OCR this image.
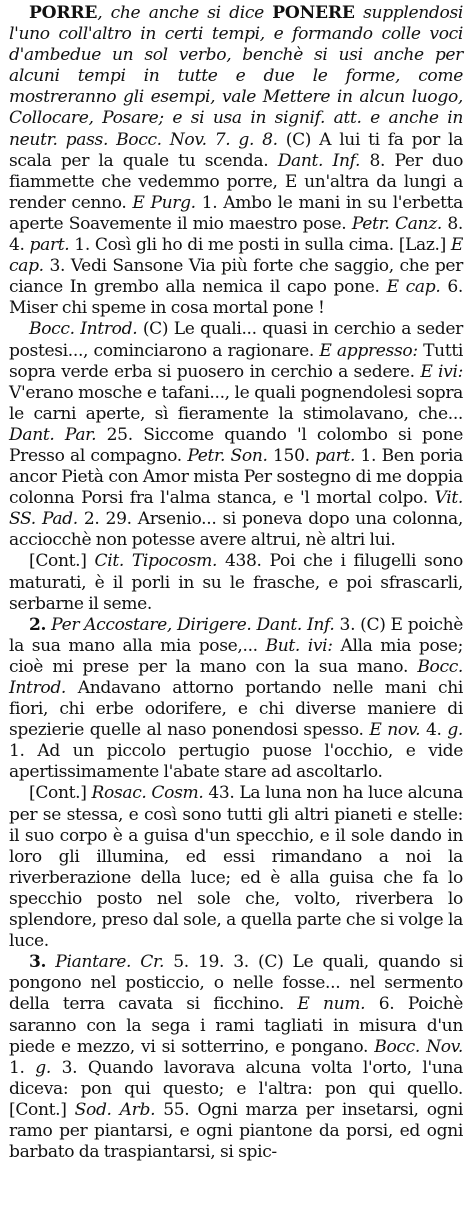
PORRE, che anche si dice PONERE supplendosi l'uno coll'altro in certi tempi, e formando colle voci d'ambedue un sol verbo, benchè si usi anche per alcuni tempi in tutte e due le forme, come mostreranno gli esempi, vale Mettere in alcun luogo, Collocare, Posare; e si usa in signif. att. e anche in neutr. pass. Bocc. Nov. 7. g. 8. (C) A lui ti fa por la scala per la quale tu scenda. Dant. Inf. 8. Per duo fiammette che vedemmo porre, E un'altra da lungi a render cenno. E Purg. 1. Ambo le mani in su l'erbetta aperte Soavemente il mio maestro pose. Petr. Canz. 8. 4. part. 1. Così gli ho di me posti in sulla cima. [Laz.] E cap. 3. Vedi Sansone Via più forte che saggio, che per ciance In grembo alla nemica il capo pone. E cap. 6. Miser chi speme in cosa mortal pone !

Bocc. Introd. (C) Le quali... quasi in cerchio a seder postesi..., cominciarono a ragionare. E appresso: Tutti sopra verde erba si puosero in cerchio a sedere. E ivi: V'erano mosche e tafani..., le quali pognendolesi sopra le carni aperte, sì fieramente la stimolavano, che... Dant. Par. 25. Siccome quando 'l colombo si pone Presso al compagno. Petr. Son. 150. part. 1. Ben poria ancor Pietà con Amor mista Per sostegno di me doppia colonna Porsi fra l'alma stanca, e 'l mortal colpo. Vit. SS. Pad. 2. 29. Arsenio... si poneva dopo una colonna, acciocchè non potesse avere altrui, nè altri lui.

[Cont.] Cit. Tipocosm. 438. Poi che i filugelli sono maturati, è il porli in su le frasche, e poi sfrascarli, serbarne il seme.

2. Per Accostare, Dirigere. Dant. Inf. 3. (C) E poichè la sua mano alla mia pose,... But. ivi: Alla mia pose; cioè mi prese per la mano con la sua mano. Bocc. Introd. Andavano attorno portando nelle mani chi fiori, chi erbe odorifere, e chi diverse maniere di spezierie quelle al naso ponendosi spesso. E nov. 4. g. 1. Ad un piccolo pertugio puose l'occhio, e vide apertissimamente l'abate stare ad ascoltarlo.

[Cont.] Rosac. Cosm. 43. La luna non ha luce alcuna per se stessa, e così sono tutti gli altri pianeti e stelle: il suo corpo è a guisa d'un specchio, e il sole dando in loro gli illumina, ed essi rimandano a noi la riverberazione della luce; ed è alla guisa che fa lo specchio posto nel sole che, volto, riverbera lo splendore, preso dal sole, a quella parte che si volge la luce.

3. Piantare. Cr. 5. 19. 3. (C) Le quali, quando si pongono nel posticcio, o nelle fosse... nel sermento della terra cavata si ficchino. E num. 6. Poichè saranno con la sega i rami tagliati in misura d'un piede e mezzo, vi si sotterrino, e pongano. Bocc. Nov. 1. g. 3. Quando lavorava alcuna volta l'orto, l'una diceva: pon qui questo; e l'altra: pon qui quello. [Cont.] Sod. Arb. 55. Ogni marza per insetarsi, ogni ramo per piantarsi, e ogni piantone da porsi, ed ogni barbato da traspiantarsi, si spic-
